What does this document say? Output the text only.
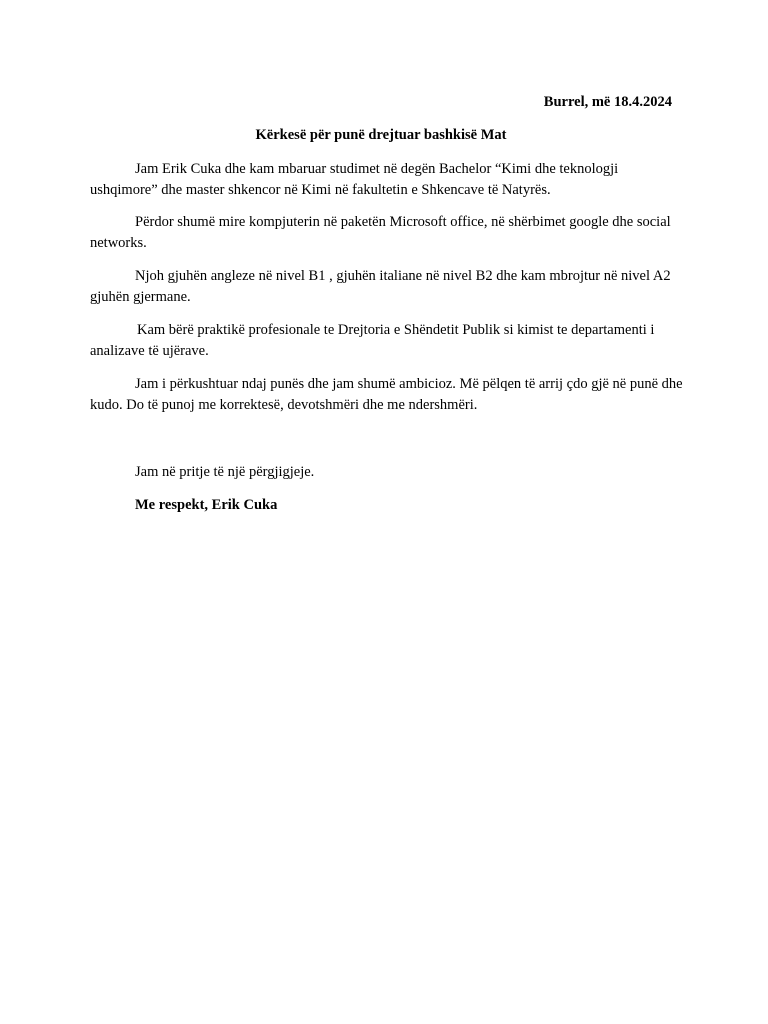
Burrel, më 18.4.2024
Kërkesë për punë drejtuar bashkisë Mat

Jam Erik Cuka dhe kam mbaruar studimet në degën Bachelor “Kimi dhe teknologji ushqimore” dhe master shkencor në Kimi në fakultetin e Shkencave të Natyrës.

Përdor shumë mire kompjuterin në paketën Microsoft office, në shërbimet google dhe social networks.

Njoh gjuhën angleze në nivel B1 , gjuhën italiane në nivel B2 dhe kam mbrojtur në nivel A2 gjuhën gjermane.

Kam bërë praktikë profesionale te Drejtoria e Shëndetit Publik si kimist te departamenti i analizave të ujërave.

Jam i përkushtuar ndaj punës dhe jam shumë ambicioz. Më pëlqen të arrij çdo gjë në punë dhe kudo. Do të punoj me korrektesë, devotshmëri dhe me ndershmëri.

Jam në pritje të një përgjigjeje.
Me respekt, Erik Cuka
